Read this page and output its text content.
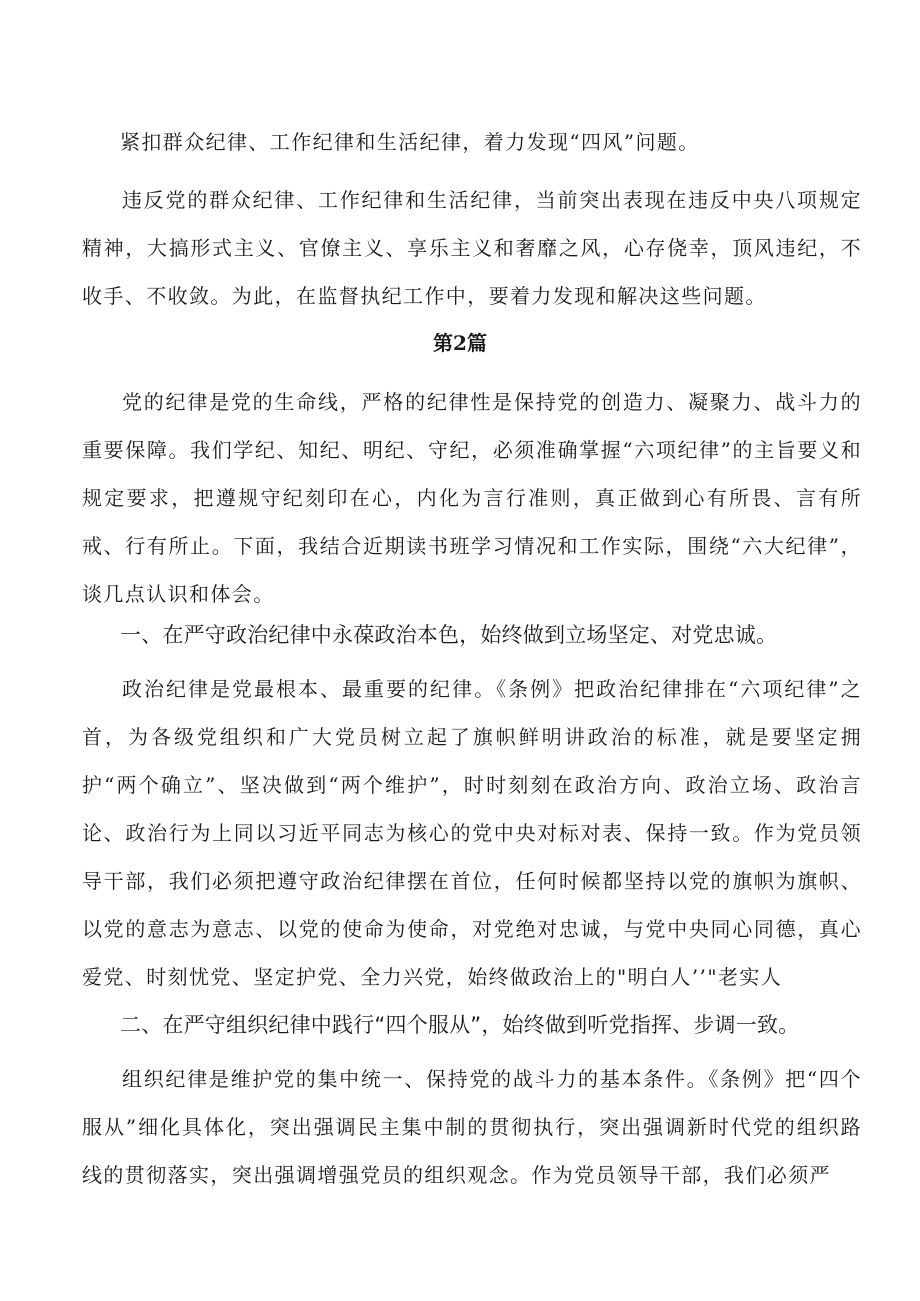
紧扣群众纪律、工作纪律和生活纪律，着力发现“四风”问题。

违反党的群众纪律、工作纪律和生活纪律，当前突出表现在违反中央八项规定精神，大搞形式主义、官僚主义、享乐主义和奢靡之风，心存侥幸，顶风违纪，不收手、不收敛。为此，在监督执纪工作中，要着力发现和解决这些问题。

第2篇

党的纪律是党的生命线，严格的纪律性是保持党的创造力、凝聚力、战斗力的重要保障。我们学纪、知纪、明纪、守纪，必须准确掌握“六项纪律”的主旨要义和规定要求，把遵规守纪刻印在心，内化为言行准则，真正做到心有所畏、言有所戒、行有所止。下面，我结合近期读书班学习情况和工作实际，围绕“六大纪律”，谈几点认识和体会。

一、在严守政治纪律中永葆政治本色，始终做到立场坚定、对党忠诚。

政治纪律是党最根本、最重要的纪律。《条例》把政治纪律排在“六项纪律”之首，为各级党组织和广大党员树立起了旗帜鲜明讲政治的标准，就是要坚定拥护“两个确立”、坚决做到“两个维护”，时时刻刻在政治方向、政治立场、政治言论、政治行为上同以习近平同志为核心的党中央对标对表、保持一致。作为党员领导干部，我们必须把遵守政治纪律摆在首位，任何时候都坚持以党的旗帜为旗帜、以党的意志为意志、以党的使命为使命，对党绝对忠诚，与党中央同心同德，真心爱党、时刻忧党、坚定护党、全力兴党，始终做政治上的"明白人’’"老实人

二、在严守组织纪律中践行“四个服从”，始终做到听党指挥、步调一致。

组织纪律是维护党的集中统一、保持党的战斗力的基本条件。《条例》把“四个服从”细化具体化，突出强调民主集中制的贯彻执行，突出强调新时代党的组织路线的贯彻落实，突出强调增强党员的组织观念。作为党员领导干部，我们必须严
